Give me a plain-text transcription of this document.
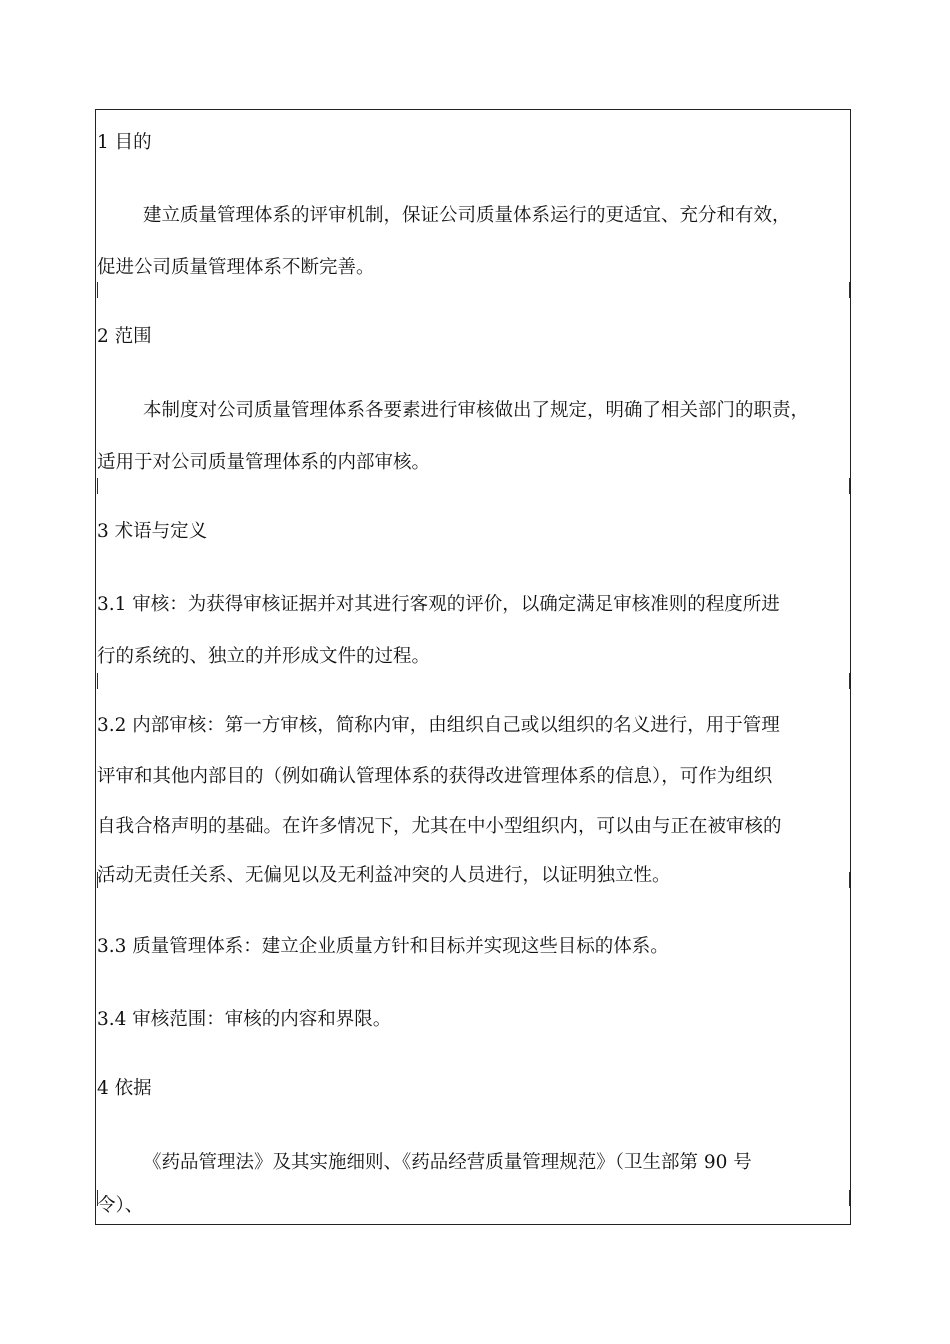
1 目的
建立质量管理体系的评审机制，保证公司质量体系运行的更适宜、充分和有效，
促进公司质量管理体系不断完善。
2 范围
本制度对公司质量管理体系各要素进行审核做出了规定，明确了相关部门的职责，
适用于对公司质量管理体系的内部审核。
3 术语与定义
3.1 审核：为获得审核证据并对其进行客观的评价，以确定满足审核准则的程度所进
行的系统的、独立的并形成文件的过程。
3.2 内部审核：第一方审核，简称内审，由组织自己或以组织的名义进行，用于管理
评审和其他内部目的（例如确认管理体系的获得改进管理体系的信息），可作为组织
自我合格声明的基础。在许多情况下，尤其在中小型组织内，可以由与正在被审核的
活动无责任关系、无偏见以及无利益冲突的人员进行，以证明独立性。
3.3 质量管理体系：建立企业质量方针和目标并实现这些目标的体系。
3.4 审核范围：审核的内容和界限。
4 依据
《药品管理法》及其实施细则、《药品经营质量管理规范》（卫生部第 90 号
令）、
